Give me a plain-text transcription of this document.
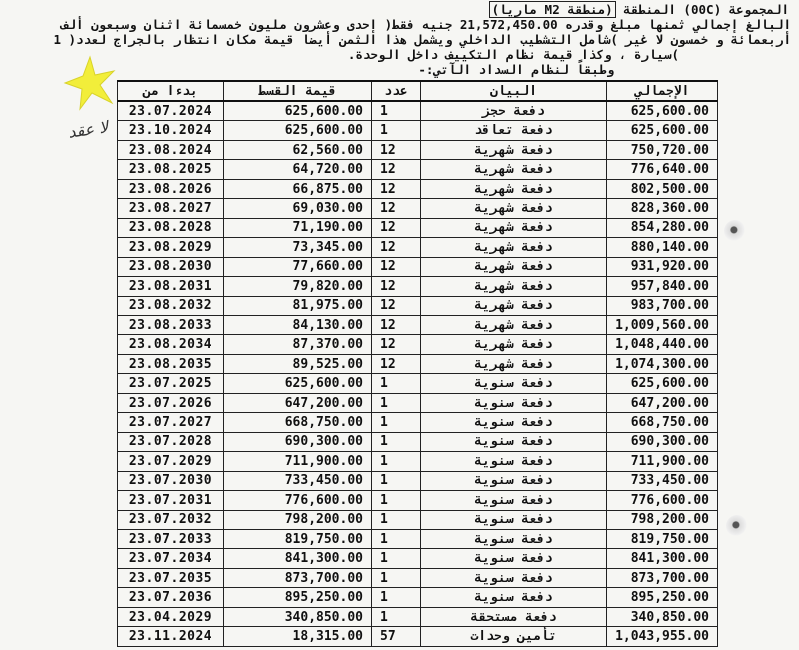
المجموعة (00C) المنطقة (منطقة M2 ماريا)
البالغ إجمالي ثمنها مبلغ وقدره 21,572,450.00 جنيه فقط( إحدى وعشرون مليون خمسمائة اثنان وسبعون ألف
أربعمائة و خمسون لا غير )شامل التشطيب الداخلي ويشمل هذا الثمن أيضا قيمة مكان انتظار بالجراج لعدد( 1
)سيارة ، وكذا قيمة نظام التكييف داخل الوحدة.
وطبقاً لنظام السداد الآتي:-
لا عقد
بدءا من	قيمة القسط	عدد	البيان	الإجمالي
23.07.2024	625,600.00	1	دفعة حجز	625,600.00
23.10.2024	625,600.00	1	دفعة تعاقد	625,600.00
23.08.2024	62,560.00	12	دفعة شهرية	750,720.00
23.08.2025	64,720.00	12	دفعة شهرية	776,640.00
23.08.2026	66,875.00	12	دفعة شهرية	802,500.00
23.08.2027	69,030.00	12	دفعة شهرية	828,360.00
23.08.2028	71,190.00	12	دفعة شهرية	854,280.00
23.08.2029	73,345.00	12	دفعة شهرية	880,140.00
23.08.2030	77,660.00	12	دفعة شهرية	931,920.00
23.08.2031	79,820.00	12	دفعة شهرية	957,840.00
23.08.2032	81,975.00	12	دفعة شهرية	983,700.00
23.08.2033	84,130.00	12	دفعة شهرية	1,009,560.00
23.08.2034	87,370.00	12	دفعة شهرية	1,048,440.00
23.08.2035	89,525.00	12	دفعة شهرية	1,074,300.00
23.07.2025	625,600.00	1	دفعة سنوية	625,600.00
23.07.2026	647,200.00	1	دفعة سنوية	647,200.00
23.07.2027	668,750.00	1	دفعة سنوية	668,750.00
23.07.2028	690,300.00	1	دفعة سنوية	690,300.00
23.07.2029	711,900.00	1	دفعة سنوية	711,900.00
23.07.2030	733,450.00	1	دفعة سنوية	733,450.00
23.07.2031	776,600.00	1	دفعة سنوية	776,600.00
23.07.2032	798,200.00	1	دفعة سنوية	798,200.00
23.07.2033	819,750.00	1	دفعة سنوية	819,750.00
23.07.2034	841,300.00	1	دفعة سنوية	841,300.00
23.07.2035	873,700.00	1	دفعة سنوية	873,700.00
23.07.2036	895,250.00	1	دفعة سنوية	895,250.00
23.04.2029	340,850.00	1	دفعة مستحقة	340,850.00
23.11.2024	18,315.00	57	تأمين وحدات	1,043,955.00
